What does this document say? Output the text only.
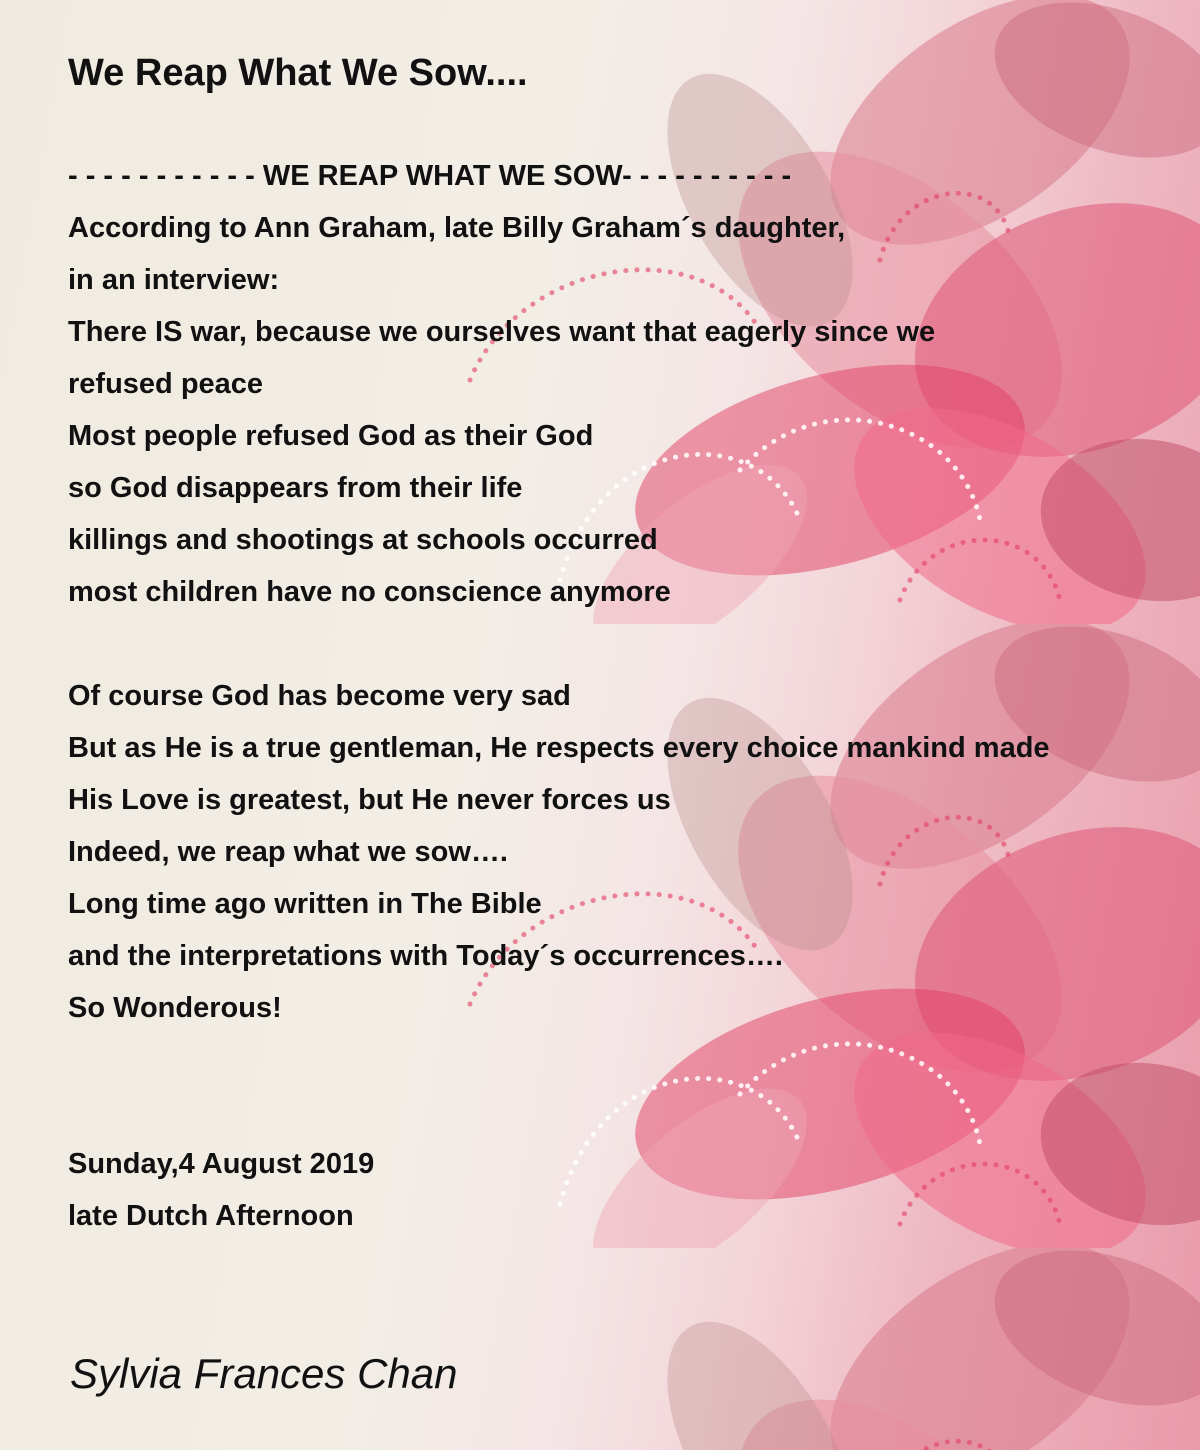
We Reap What We Sow....

- - - - - - - - - - - WE REAP WHAT WE SOW- - - - - - - - - -

According to Ann Graham, late Billy Graham´s daughter,

in an interview:

There IS war, because we ourselves want that eagerly since we

refused peace

Most people refused God as their God

so God disappears from their life

killings and shootings at schools occurred

most children have no conscience anymore

Of course God has become very sad

But as He is a true gentleman, He respects every choice mankind made

His Love is greatest, but He never forces us

Indeed, we reap what we sow….

Long time ago written in The Bible

and the interpretations with Today´s occurrences….

So Wonderous!

Sunday,4 August 2019

late Dutch Afternoon

Sylvia Frances Chan
